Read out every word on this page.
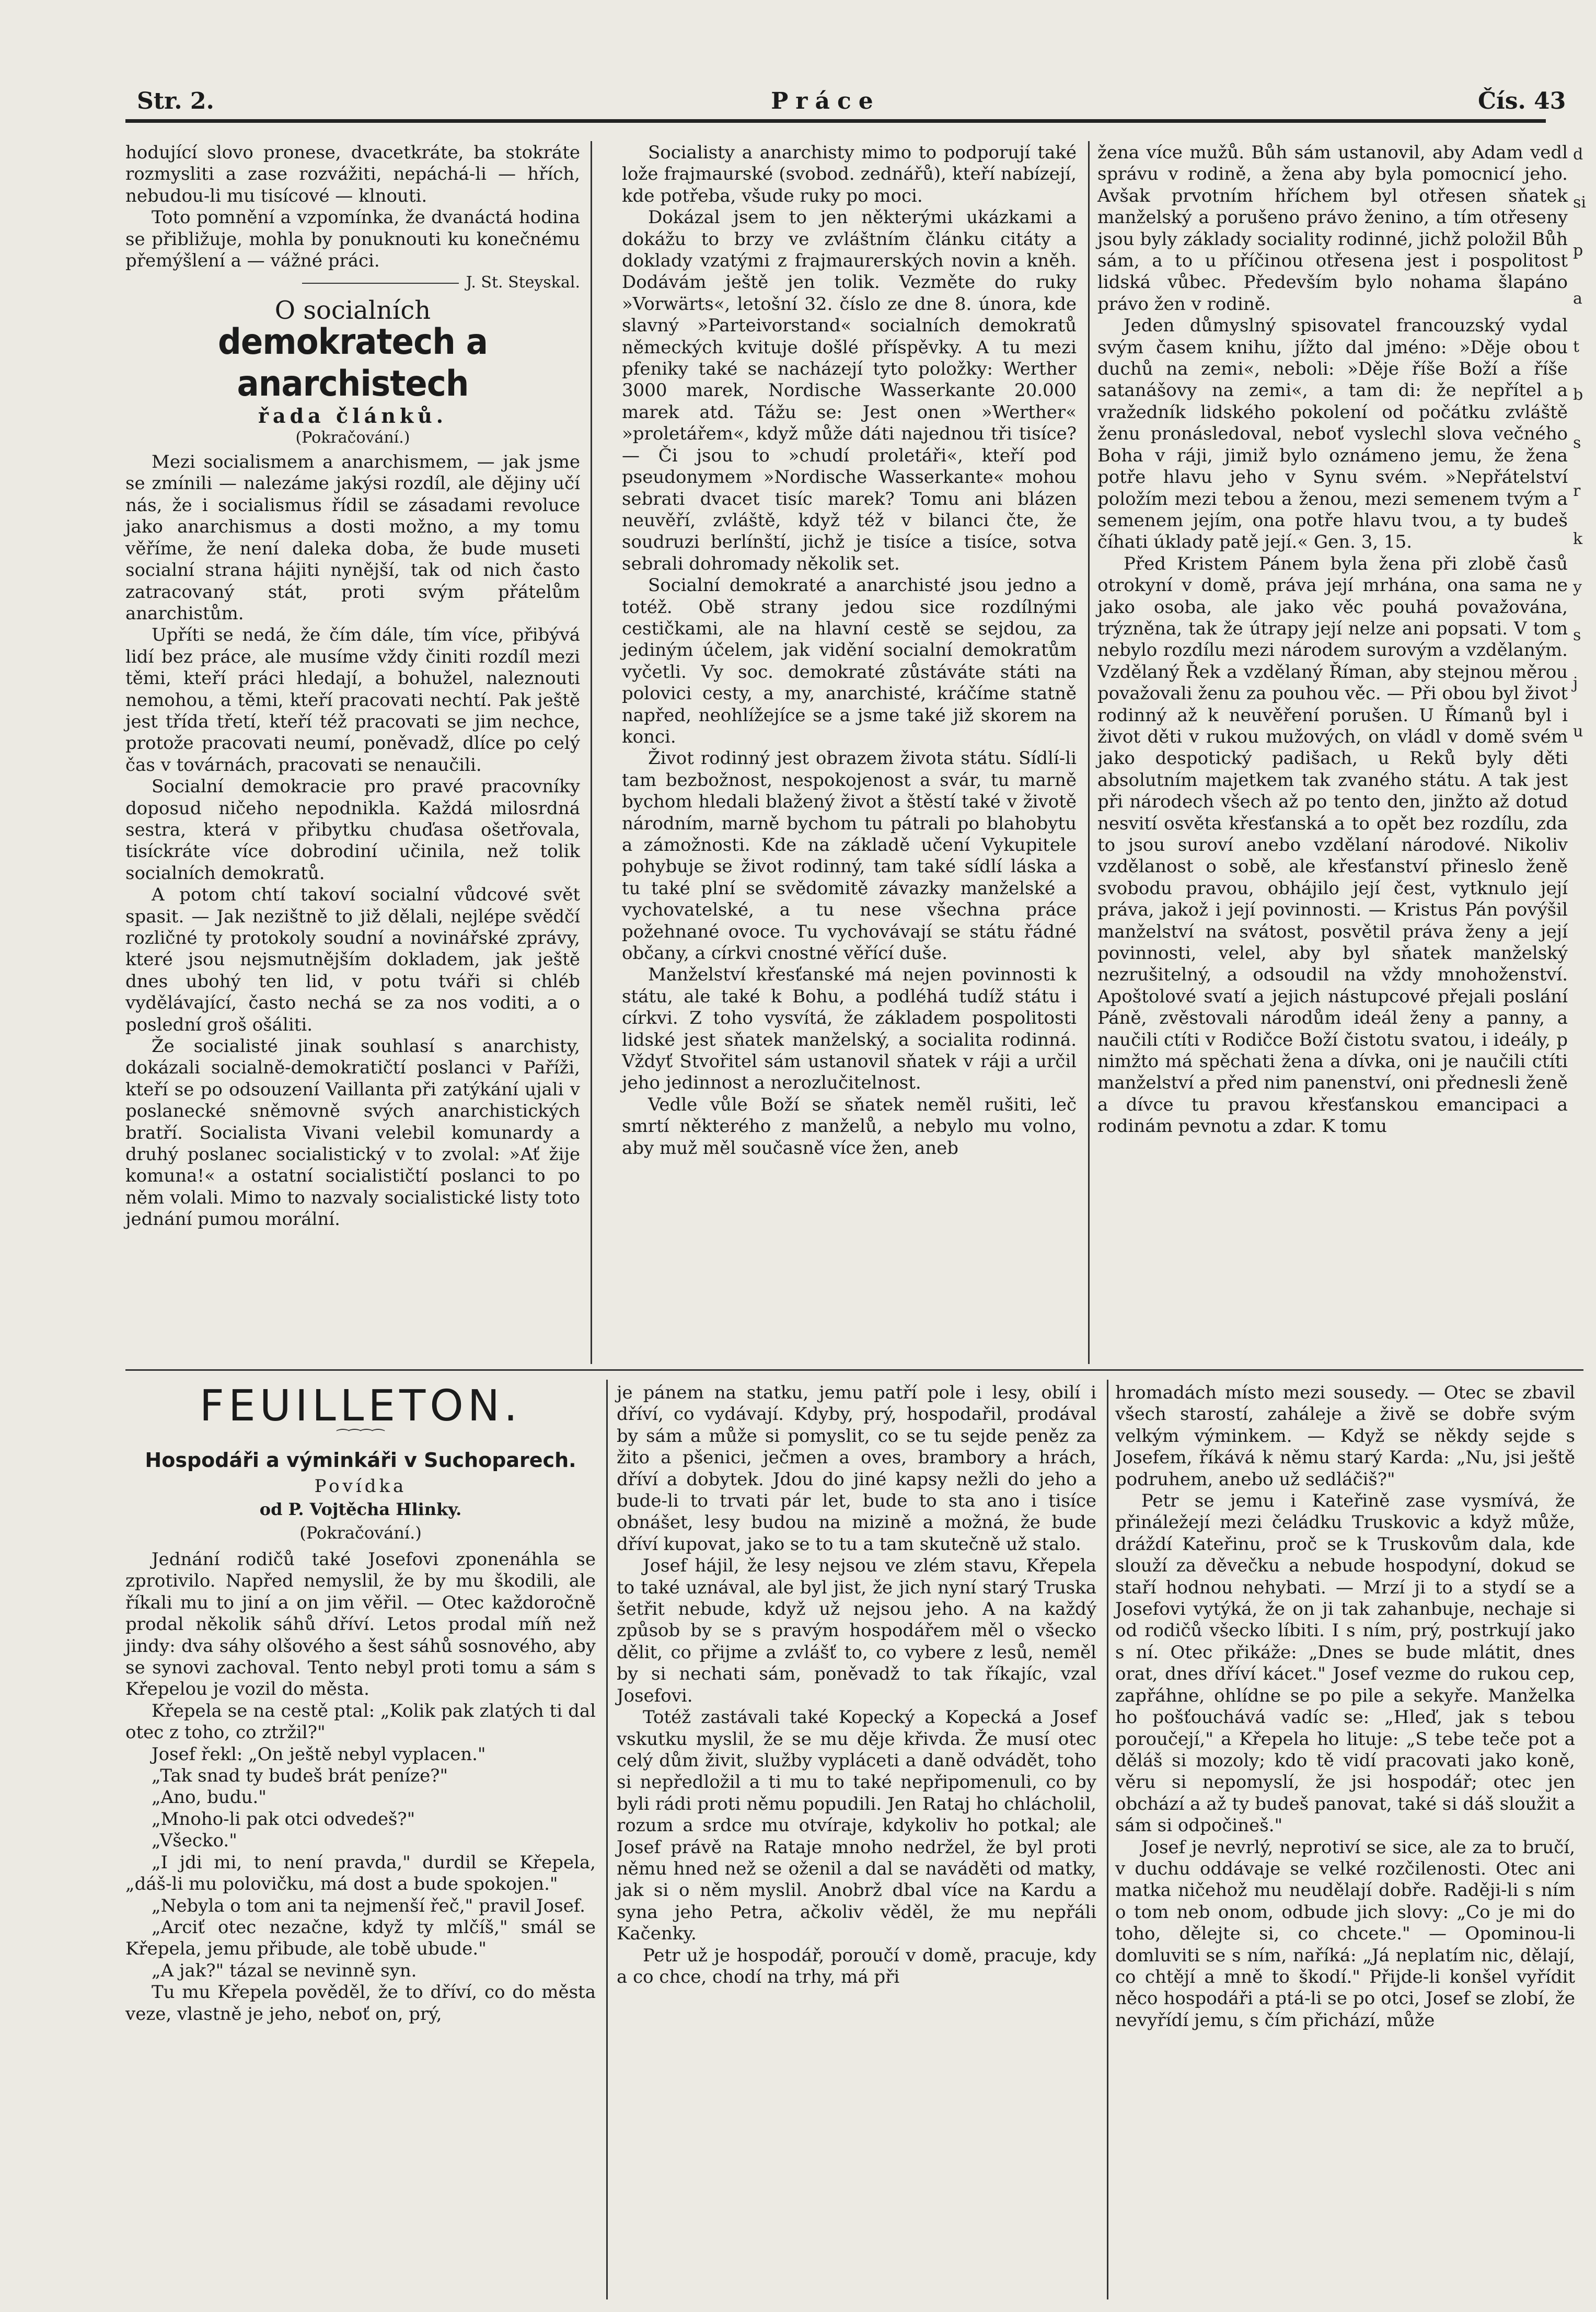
Str. 2.	Práce	Čís. 43

hodující slovo pronese, dvacetkráte, ba stokráte rozmysliti a zase rozvážiti, nepáchá-li — hřích, nebudou-li mu tisícové — klnouti.

Toto pomnění a vzpomínka, že dvanáctá hodina se přibližuje, mohla by ponuknouti ku konečnému přemýšlení a — vážné práci.

J. St. Steyskal.

O socialních
demokratech a anarchistech
řada článků.
(Pokračování.)

Mezi socialismem a anarchismem, — jak jsme se zmínili — nalezáme jakýsi rozdíl, ale dějiny učí nás, že i socialismus řídil se zásadami revoluce jako anarchismus a dosti možno, a my tomu věříme, že není daleka doba, že bude museti socialní strana hájiti nynější, tak od nich často zatracovaný stát, proti svým přátelům anarchistům.

Upříti se nedá, že čím dále, tím více, přibývá lidí bez práce, ale musíme vždy činiti rozdíl mezi těmi, kteří práci hledají, a bohužel, naleznouti nemohou, a těmi, kteří pracovati nechtí. Pak ještě jest třída třetí, kteří též pracovati se jim nechce, protože pracovati neumí, poněvadž, dlíce po celý čas v továrnách, pracovati se nenaučili.

Socialní demokracie pro pravé pracovníky doposud ničeho nepodnikla. Každá milosrdná sestra, která v přibytku chuďasa ošetřovala, tisíckráte více dobrodiní učinila, než tolik socialních demokratů.

A potom chtí takoví socialní vůdcové svět spasit. — Jak nezištně to již dělali, nejlépe svědčí rozličné ty protokoly soudní a novinářské zprávy, které jsou nejsmutnějším dokladem, jak ještě dnes ubohý ten lid, v potu tváři si chléb vydělávající, často nechá se za nos voditi, a o poslední groš ošáliti.

Že socialisté jinak souhlasí s anarchisty, dokázali socialně-demokratičtí poslanci v Paříži, kteří se po odsouzení Vaillanta při zatýkání ujali v poslanecké sněmovně svých anarchistických bratří. Socialista Vivani velebil komunardy a druhý poslanec socialistický v to zvolal: »Ať žije komuna!« a ostatní socialističtí poslanci to po něm volali. Mimo to nazvaly socialistické listy toto jednání pumou morální.

Socialisty a anarchisty mimo to podporují také lože frajmaurské (svobod. zednářů), kteří nabízejí, kde potřeba, všude ruky po moci.

Dokázal jsem to jen některými ukázkami a dokážu to brzy ve zvláštním článku citáty a doklady vzatými z frajmaurerských novin a kněh. Dodávám ještě jen tolik. Vezměte do ruky »Vorwärts«, letošní 32. číslo ze dne 8. února, kde slavný »Parteivorstand« socialních demokratů německých kvituje došlé příspěvky. A tu mezi pfeniky také se nacházejí tyto položky: Werther 3000 marek, Nordische Wasserkante 20.000 marek atd. Tážu se: Jest onen »Werther« »proletářem«, když může dáti najednou tři tisíce? — Či jsou to »chudí proletáři«, kteří pod pseudonymem »Nordische Wasserkante« mohou sebrati dvacet tisíc marek? Tomu ani blázen neuvěří, zvláště, když též v bilanci čte, že soudruzi berlínští, jichž je tisíce a tisíce, sotva sebrali dohromady několik set.

Socialní demokraté a anarchisté jsou jedno a totéž. Obě strany jedou sice rozdílnými cestičkami, ale na hlavní cestě se sejdou, za jediným účelem, jak vidění socialní demokratům vyčetli. Vy soc. demokraté zůstáváte státi na polovici cesty, a my, anarchisté, kráčíme statně napřed, neohlížejíce se a jsme také již skorem na konci.

Život rodinný jest obrazem života státu. Sídlí-li tam bezbožnost, nespokojenost a svár, tu marně bychom hledali blažený život a štěstí také v životě národním, marně bychom tu pátrali po blahobytu a zámožnosti. Kde na základě učení Vykupitele pohybuje se život rodinný, tam také sídlí láska a tu také plní se svědomitě závazky manželské a vychovatelské, a tu nese všechna práce požehnané ovoce. Tu vychovávají se státu řádné občany, a církvi cnostné věřící duše.

Manželství křesťanské má nejen povinnosti k státu, ale také k Bohu, a podléhá tudíž státu i církvi. Z toho vysvítá, že základem pospolitosti lidské jest sňatek manželský, a socialita rodinná. Vždyť Stvořitel sám ustanovil sňatek v ráji a určil jeho jedinnost a nerozlučitelnost.

Vedle vůle Boží se sňatek neměl rušiti, leč smrtí některého z manželů, a nebylo mu volno, aby muž měl současně více žen, aneb

žena více mužů. Bůh sám ustanovil, aby Adam vedl správu v rodině, a žena aby byla pomocnicí jeho. Avšak prvotním hříchem byl otřesen sňatek manželský a porušeno právo ženino, a tím otřeseny jsou byly základy sociality rodinné, jichž položil Bůh sám, a to u příčinou otřesena jest i pospolitost lidská vůbec. Především bylo nohama šlapáno právo žen v rodině.

Jeden důmyslný spisovatel francouzský vydal svým časem knihu, jížto dal jméno: »Děje obou duchů na zemi«, neboli: »Děje říše Boží a říše satanášovy na zemi«, a tam di: že nepřítel a vražedník lidského pokolení od počátku zvláště ženu pronásledoval, neboť vyslechl slova večného Boha v ráji, jimiž bylo oznámeno jemu, že žena potře hlavu jeho v Synu svém. »Nepřátelství položím mezi tebou a ženou, mezi semenem tvým a semenem jejím, ona potře hlavu tvou, a ty budeš číhati úklady patě její.« Gen. 3, 15.

Před Kristem Pánem byla žena při zlobě časů otrokyní v domě, práva její mrhána, ona sama ne jako osoba, ale jako věc pouhá považována, trýzněna, tak že útrapy její nelze ani popsati. V tom nebylo rozdílu mezi národem surovým a vzdělaným. Vzdělaný Řek a vzdělaný Říman, aby stejnou měrou považovali ženu za pouhou věc. — Při obou byl život rodinný až k neuvěření porušen. U Římanů byl i život děti v rukou mužových, on vládl v domě svém jako despotický padišach, u Reků byly děti absolutním majetkem tak zvaného státu. A tak jest při národech všech až po tento den, jinžto až dotud nesvití osvěta křesťanská a to opět bez rozdílu, zda to jsou suroví anebo vzdělaní národové. Nikoliv vzdělanost o sobě, ale křesťanství přineslo ženě svobodu pravou, obhájilo její čest, vytknulo její práva, jakož i její povinnosti. — Kristus Pán povýšil manželství na svátost, posvětil práva ženy a její povinnosti, velel, aby byl sňatek manželský nezrušitelný, a odsoudil na vždy mnohoženství. Apoštolové svatí a jejich nástupcové přejali poslání Páně, zvěstovali národům ideál ženy a panny, a naučili ctíti v Rodičce Boží čistotu svatou, i ideály, p nimžto má spěchati žena a dívka, oni je naučili ctíti manželství a před nim panenství, oni přednesli ženě a dívce tu pravou křesťanskou emancipaci a rodinám pevnotu a zdar. K tomu

FEUILLETON.
⁀⁀⁀⁀
Hospodáři a výminkáři v Suchoparech.
Povídka
od P. Vojtěcha Hlinky.
(Pokračování.)

Jednání rodičů také Josefovi zponenáhla se zprotivilo. Napřed nemyslil, že by mu škodili, ale říkali mu to jiní a on jim věřil. — Otec každoročně prodal několik sáhů dříví. Letos prodal míň než jindy: dva sáhy olšového a šest sáhů sosnového, aby se synovi zachoval. Tento nebyl proti tomu a sám s Křepelou je vozil do města.

Křepela se na cestě ptal: „Kolik pak zlatých ti dal otec z toho, co ztržil?"

Josef řekl: „On ještě nebyl vyplacen."

„Tak snad ty budeš brát peníze?"

„Ano, budu."

„Mnoho-li pak otci odvedeš?"

„Všecko."

„I jdi mi, to není pravda," durdil se Křepela, „dáš-li mu polovičku, má dost a bude spokojen."

„Nebyla o tom ani ta nejmenší řeč," pravil Josef.

„Arciť otec nezačne, když ty mlčíš," smál se Křepela, jemu přibude, ale tobě ubude."

„A jak?" tázal se nevinně syn.

Tu mu Křepela pověděl, že to dříví, co do města veze, vlastně je jeho, neboť on, prý,

je pánem na statku, jemu patří pole i lesy, obilí i dříví, co vydávají. Kdyby, prý, hospodařil, prodával by sám a může si pomyslit, co se tu sejde peněz za žito a pšenici, ječmen a oves, brambory a hrách, dříví a dobytek. Jdou do jiné kapsy nežli do jeho a bude-li to trvati pár let, bude to sta ano i tisíce obnášet, lesy budou na mizině a možná, že bude dříví kupovat, jako se to tu a tam skutečně už stalo.

Josef hájil, že lesy nejsou ve zlém stavu, Křepela to také uznával, ale byl jist, že jich nyní starý Truska šetřit nebude, když už nejsou jeho. A na každý způsob by se s pravým hospodářem měl o všecko dělit, co přijme a zvlášť to, co vybere z lesů, neměl by si nechati sám, poněvadž to tak říkajíc, vzal Josefovi.

Totéž zastávali také Kopecký a Kopecká a Josef vskutku myslil, že se mu děje křivda. Že musí otec celý dům živit, služby vypláceti a daně odvádět, toho si nepředložil a ti mu to také nepřipomenuli, co by byli rádi proti němu popudili. Jen Rataj ho chlácholil, rozum a srdce mu otvíraje, kdykoliv ho potkal; ale Josef právě na Rataje mnoho nedržel, že byl proti němu hned než se oženil a dal se naváděti od matky, jak si o něm myslil. Anobrž dbal více na Kardu a syna jeho Petra, ačkoliv věděl, že mu nepřáli Kačenky.

Petr už je hospodář, poroučí v domě, pracuje, kdy a co chce, chodí na trhy, má při

hromadách místo mezi sousedy. — Otec se zbavil všech starostí, zahálejе a živě se dobře svým velkým výminkem. — Když se někdy sejde s Josefem, říkává k němu starý Karda: „Nu, jsi ještě podruhem, anebo už sedláčiš?"

Petr se jemu i Kateřině zase vysmívá, že přináležejí mezi čeládku Truskovic a když může, dráždí Kateřinu, proč se k Truskovům dala, kde slouží za děvečku a nebude hospodyní, dokud se staří hodnou nehybati. — Mrzí ji to a stydí se a Josefovi vytýká, že on ji tak zahanbuje, nechaje si od rodičů všecko líbiti. I s ním, prý, postrkují jako s ní. Otec přikáže: „Dnes se bude mlátit, dnes orat, dnes dříví kácet." Josef vezme do rukou cep, zapřáhne, ohlídne se po pile a sekyře. Manželka ho pošťouchává vadíc se: „Hleď, jak s tebou poroučejí," a Křepela ho lituje: „S tebe teče pot a děláš si mozoly; kdo tě vidí pracovati jako koně, věru si nepomyslí, že jsi hospodář; otec jen obchází a až ty budeš panovat, také si dáš sloužit a sám si odpočineš."

Josef je nevrlý, neprotiví se sice, ale za to bručí, v duchu oddávaje se velké rozčilenosti. Otec ani matka ničehož mu neudělají dobře. Raději-li s ním o tom neb onom, odbude jich slovy: „Co je mi do toho, dělejte si, co chcete." — Opominou-li domluviti se s ním, naříká: „Já neplatím nic, dělají, co chtějí a mně to škodí." Přijde-li konšel vyřídit něco hospodáři a ptá-li se po otci, Josef se zlobí, že nevyřídí jemu, s čím přichází, může

d
si
p
a
t
b
s
r
k
y
s
j
u
